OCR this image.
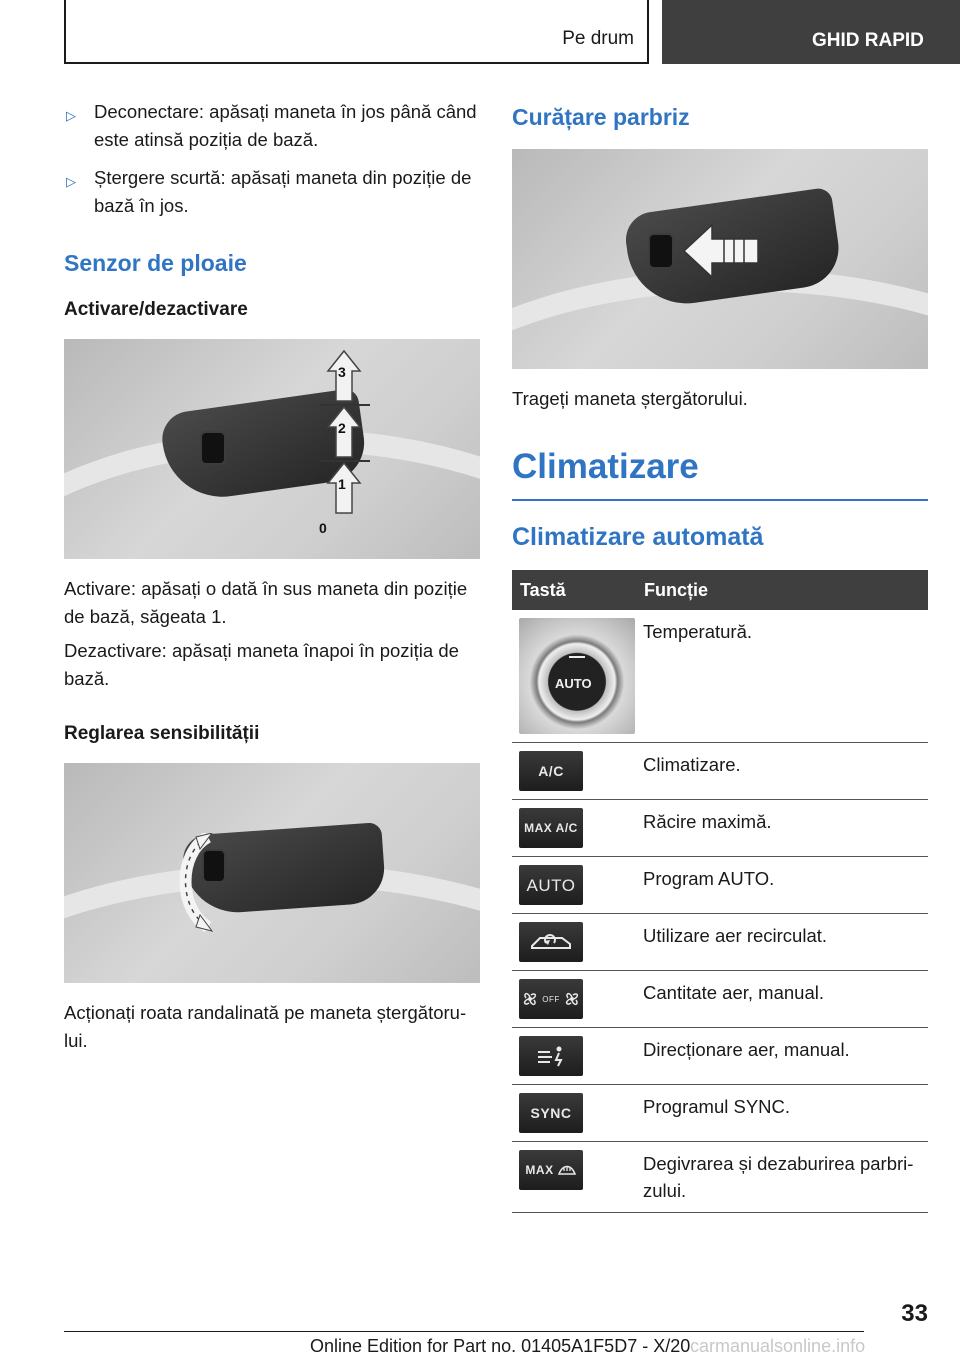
Pe drum	GHID RAPID
▷ Deconectare: apăsați maneta în jos până când este atinsă poziția de bază.
▷ Ștergere scurtă: apăsați maneta din poziție de bază în jos.
Senzor de ploaie
Activare/dezactivare
3
2
1
0
Activare: apăsați o dată în sus maneta din poziție de bază, săgeata 1.
Dezactivare: apăsați maneta înapoi în poziția de bază.
Reglarea sensibilității
Acționați roata randalinată pe maneta ștergătoru-lui.
Curățare parbriz
Trageți maneta ștergătorului.
Climatizare
Climatizare automată
Tastă	Funcție

AUTO	Temperatură.

A/C	Climatizare.

MAX A/C	Răcire maximă.

AUTO	Program AUTO.

	Utilizare aer recirculat.

OFF	Cantitate aer, manual.

	Direcționare aer, manual.

SYNC	Programul SYNC.

MAX	Degivrarea și dezaburirea parbri-zului.
33
Online Edition for Part no. 01405A1F5D7 - X/20 carmanualsonline.info
